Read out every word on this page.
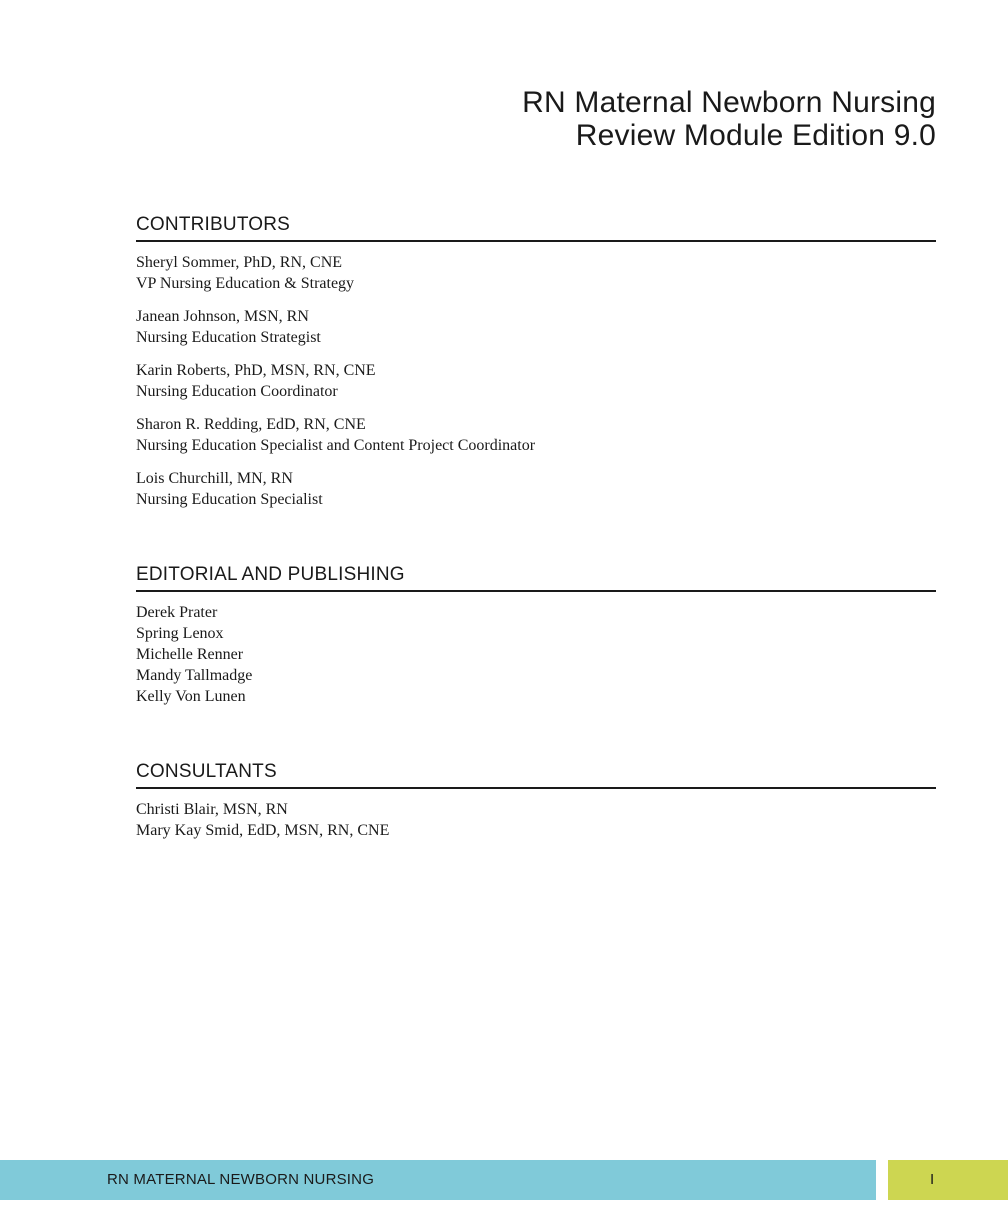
RN Maternal Newborn Nursing
Review Module Edition 9.0
CONTRIBUTORS
Sheryl Sommer, PhD, RN, CNE
VP Nursing Education & Strategy
Janean Johnson, MSN, RN
Nursing Education Strategist
Karin Roberts, PhD, MSN, RN, CNE
Nursing Education Coordinator
Sharon R. Redding, EdD, RN, CNE
Nursing Education Specialist and Content Project Coordinator
Lois Churchill, MN, RN
Nursing Education Specialist
EDITORIAL AND PUBLISHING
Derek Prater
Spring Lenox
Michelle Renner
Mandy Tallmadge
Kelly Von Lunen
CONSULTANTS
Christi Blair, MSN, RN
Mary Kay Smid, EdD, MSN, RN, CNE
RN MATERNAL NEWBORN NURSING	I
